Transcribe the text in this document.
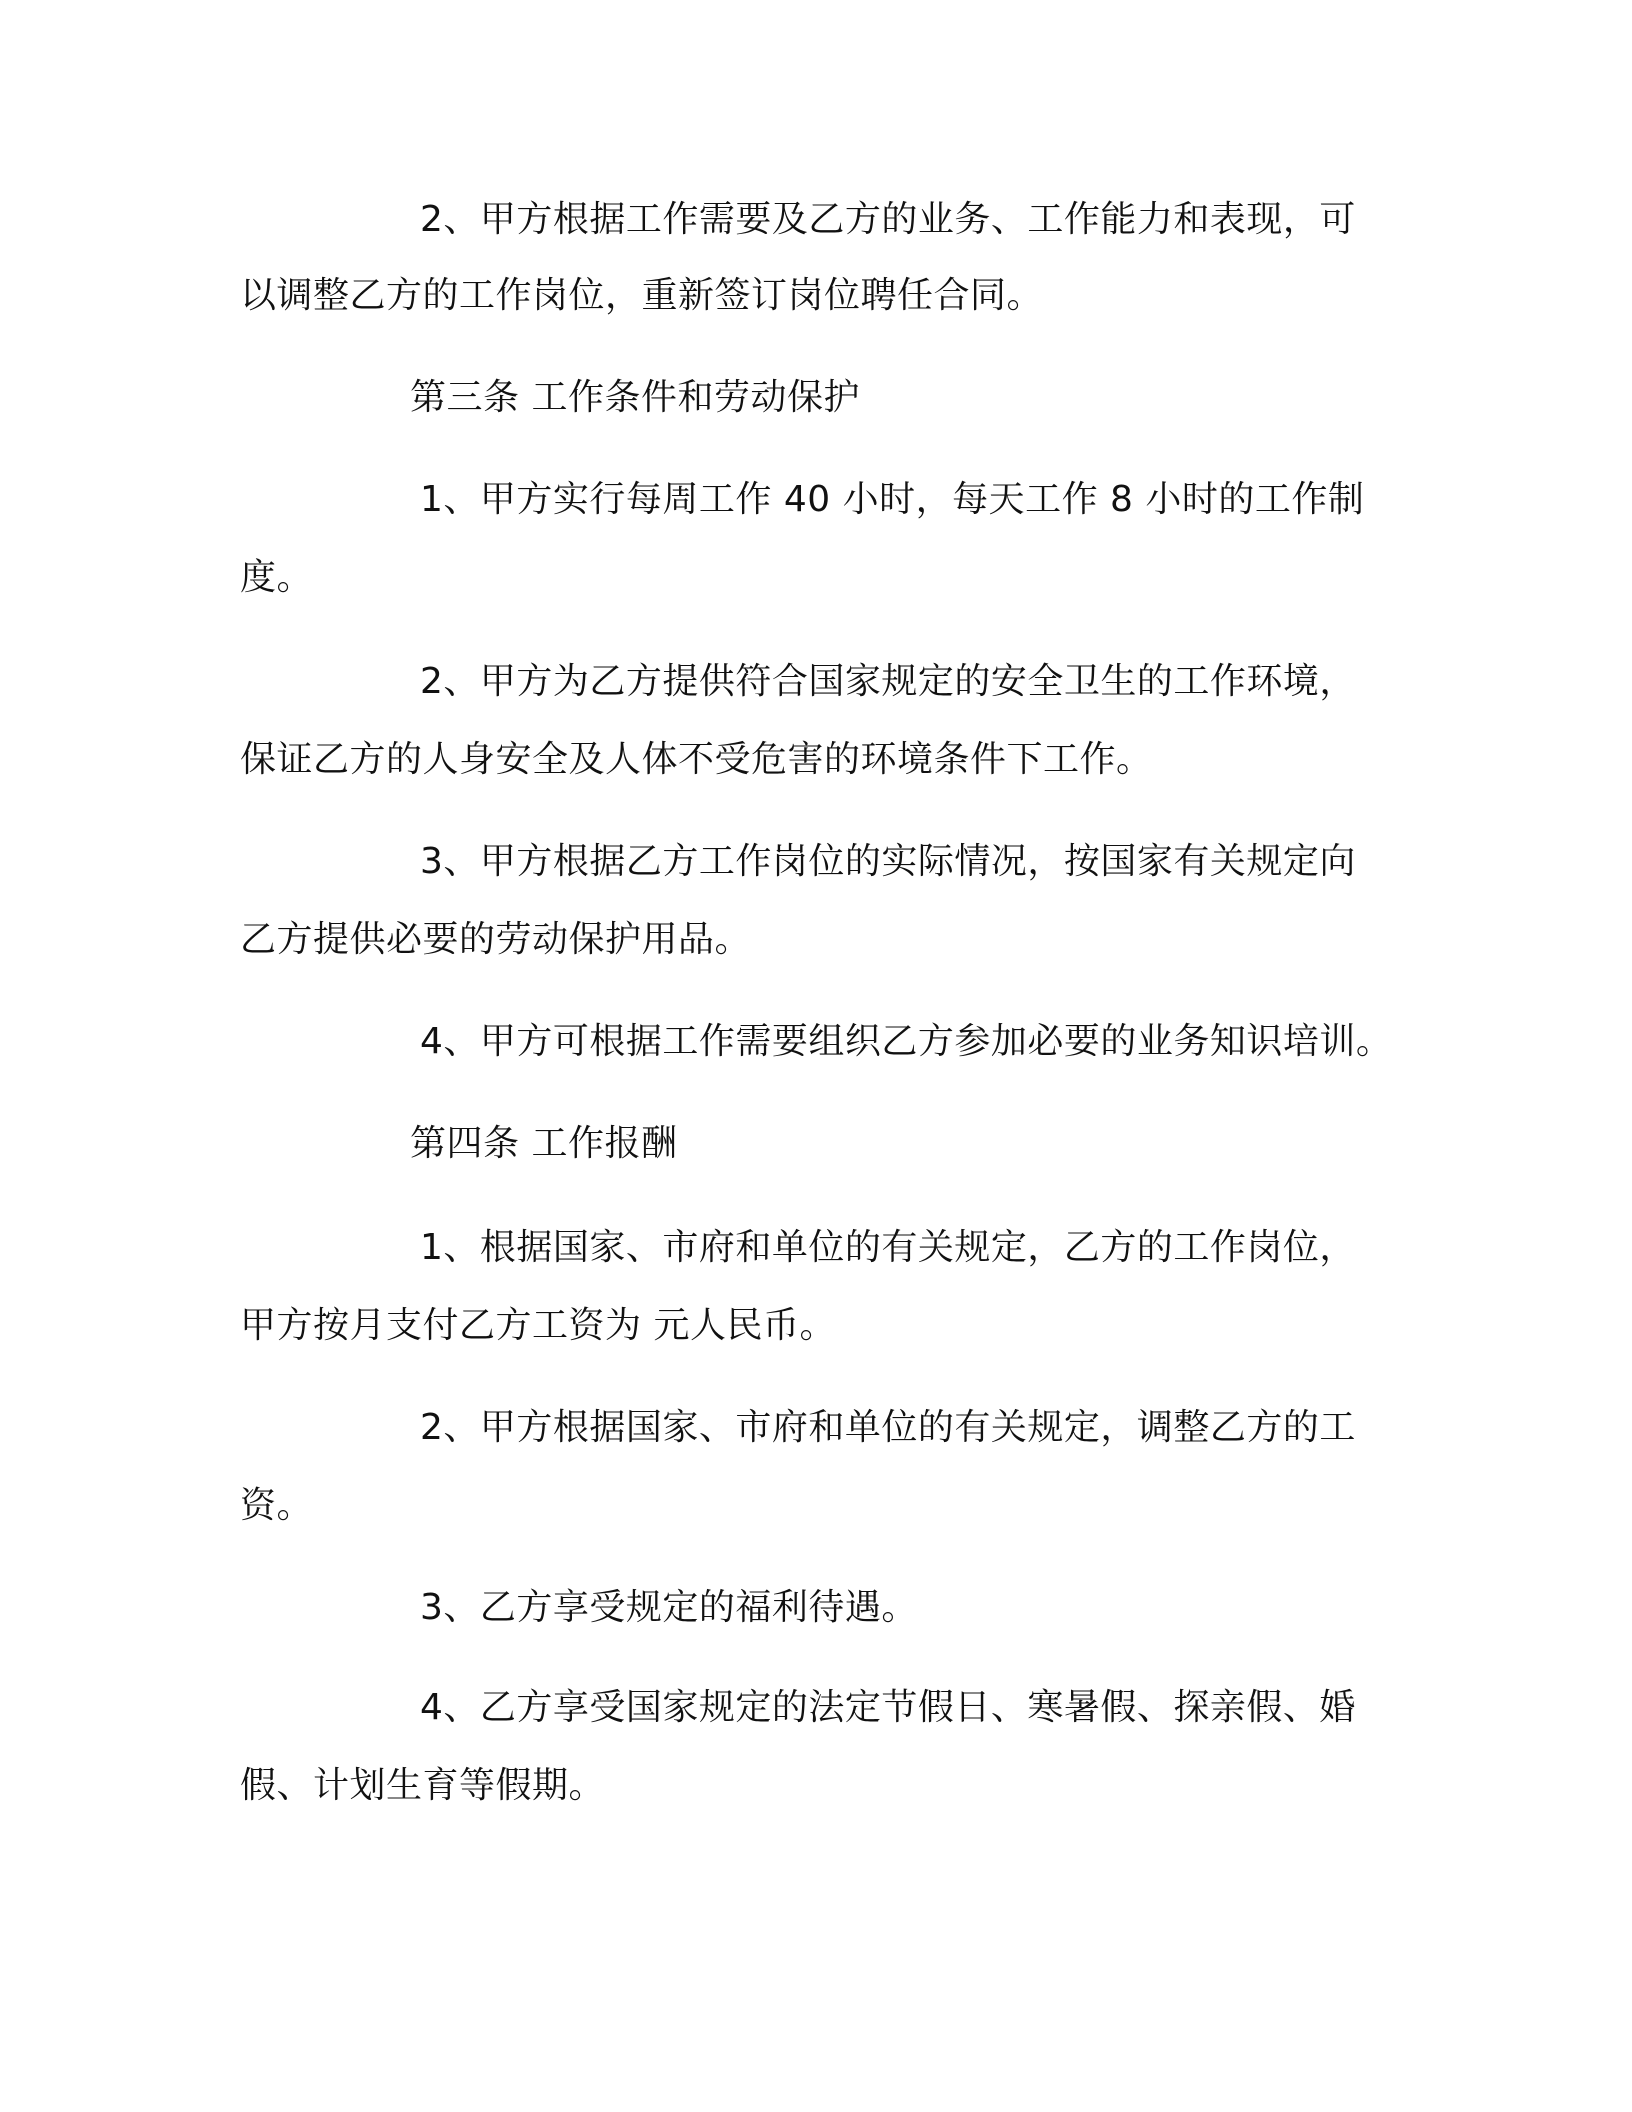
2、甲方根据工作需要及乙方的业务、工作能力和表现，可

以调整乙方的工作岗位，重新签订岗位聘任合同。

第三条 工作条件和劳动保护

1、甲方实行每周工作 40 小时，每天工作 8 小时的工作制

度。

2、甲方为乙方提供符合国家规定的安全卫生的工作环境，

保证乙方的人身安全及人体不受危害的环境条件下工作。

3、甲方根据乙方工作岗位的实际情况，按国家有关规定向

乙方提供必要的劳动保护用品。

4、甲方可根据工作需要组织乙方参加必要的业务知识培训。

第四条 工作报酬

1、根据国家、市府和单位的有关规定，乙方的工作岗位，

甲方按月支付乙方工资为 元人民币。

2、甲方根据国家、市府和单位的有关规定，调整乙方的工

资。

3、乙方享受规定的福利待遇。

4、乙方享受国家规定的法定节假日、寒暑假、探亲假、婚

假、计划生育等假期。
